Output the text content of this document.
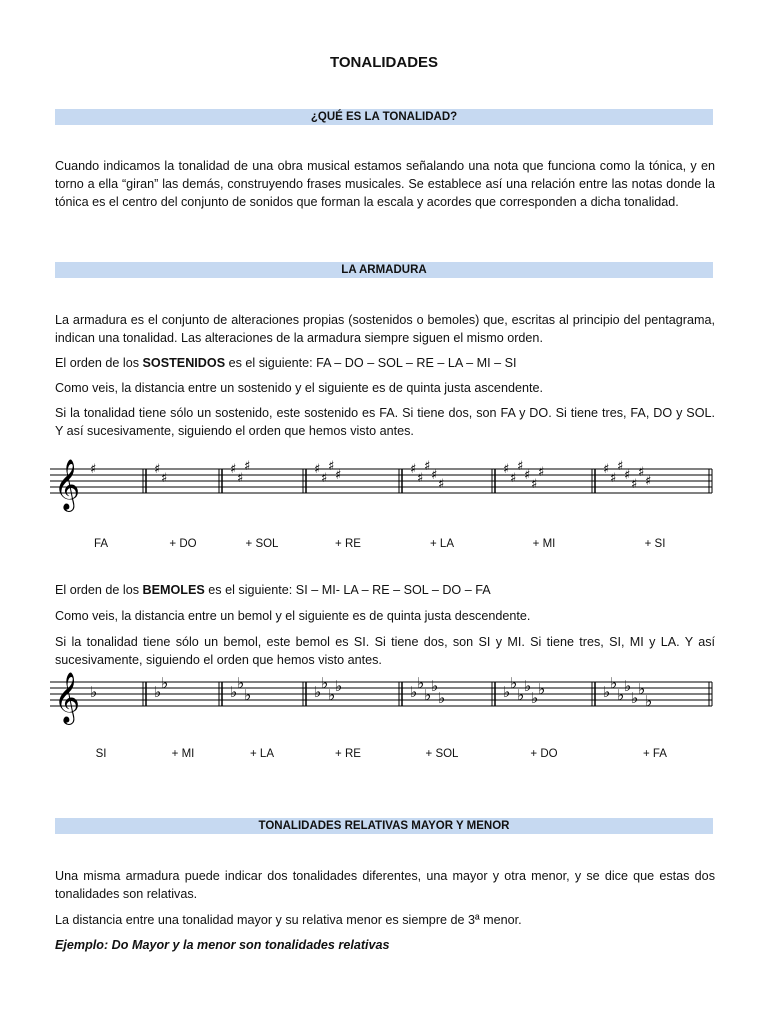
TONALIDADES
¿QUÉ ES LA TONALIDAD?

Cuando indicamos la tonalidad de una obra musical estamos señalando una nota que funciona como la tónica, y en torno a ella “giran” las demás, construyendo frases musicales. Se establece así una relación entre las notas donde la tónica es el centro del conjunto de sonidos que forman la escala y acordes que corresponden a dicha tonalidad.

LA ARMADURA

La armadura es el conjunto de alteraciones propias (sostenidos o bemoles) que, escritas al principio del pentagrama, indican una tonalidad. Las alteraciones de la armadura siempre siguen el mismo orden.

El orden de los SOSTENIDOS es el siguiente: FA – DO – SOL – RE – LA – MI – SI

Como veis, la distancia entre un sostenido y el siguiente es de quinta justa ascendente.

Si la tonalidad tiene sólo un sostenido, este sostenido es FA. Si tiene dos, son FA y DO. Si tiene tres, FA, DO y SOL. Y así sucesivamente, siguiendo el orden que hemos visto antes.

𝄞 ♯	♯
♯
♯
♯
♯	♯
♯
♯
♯	♯
♯
♯
♯
♯
♯
♯
♯
♯
♯
♯	♯
♯
♯
♯
♯
♯
♯
FA	+ DO	+ SOL	+ RE	+ LA	+ MI	+ SI

El orden de los BEMOLES es el siguiente: SI – MI- LA – RE – SOL – DO – FA

Como veis, la distancia entre un bemol y el siguiente es de quinta justa descendente.

Si la tonalidad tiene sólo un bemol, este bemol es SI. Si tiene dos, son SI y MI. Si tiene tres, SI, MI y LA. Y así sucesivamente, siguiendo el orden que hemos visto antes.

𝄞 ♭	♭ ♭	♭ ♭
♭	♭ ♭
♭ ♭	♭ ♭
♭ ♭
♭	♭ ♭
♭ ♭
♭ ♭	♭ ♭
♭ ♭
♭ ♭
♭
SI	+ MI	+ LA	+ RE	+ SOL	+ DO	+ FA
TONALIDADES RELATIVAS MAYOR Y MENOR

Una misma armadura puede indicar dos tonalidades diferentes, una mayor y otra menor, y se dice que estas dos tonalidades son relativas.

La distancia entre una tonalidad mayor y su relativa menor es siempre de 3ª menor.

Ejemplo: Do Mayor y la menor son tonalidades relativas
